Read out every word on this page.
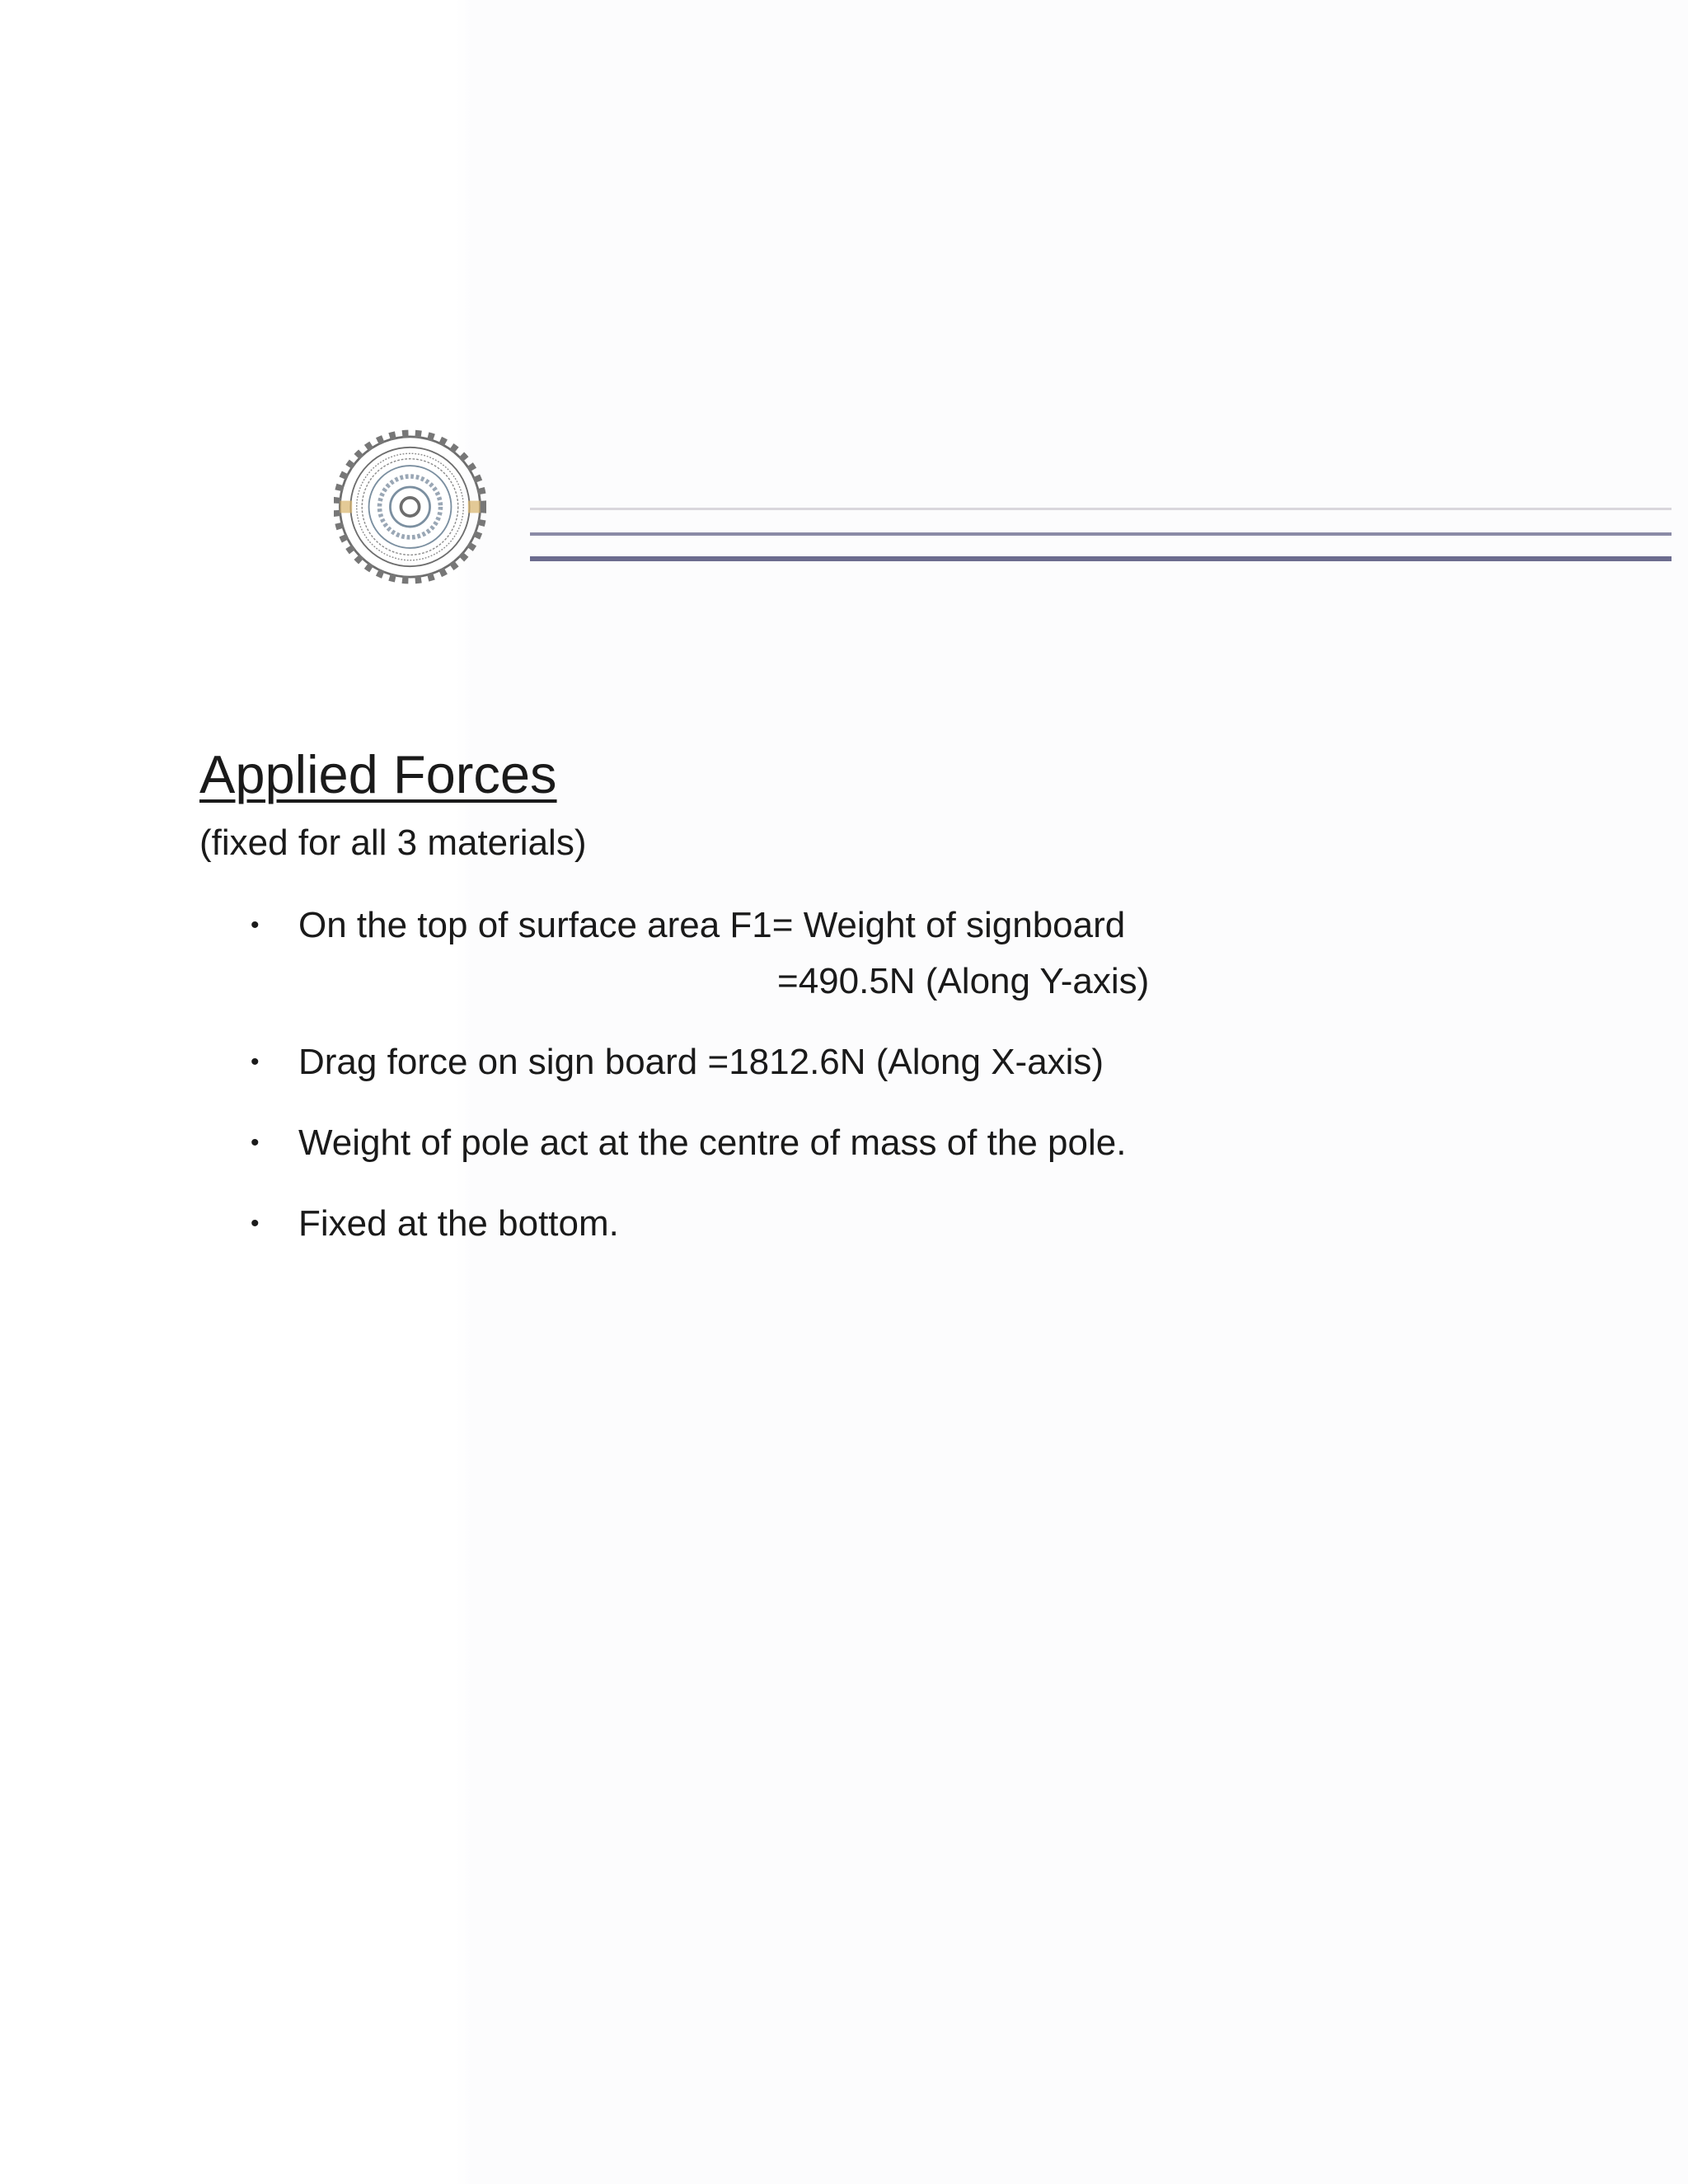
Applied Forces
(fixed for all 3 materials)
• On the top of surface area F1= Weight of signboard
=490.5N (Along Y-axis)
• Drag force on sign board =1812.6N (Along X-axis)
• Weight of pole act at the centre of mass of the pole.
• Fixed at the bottom.
